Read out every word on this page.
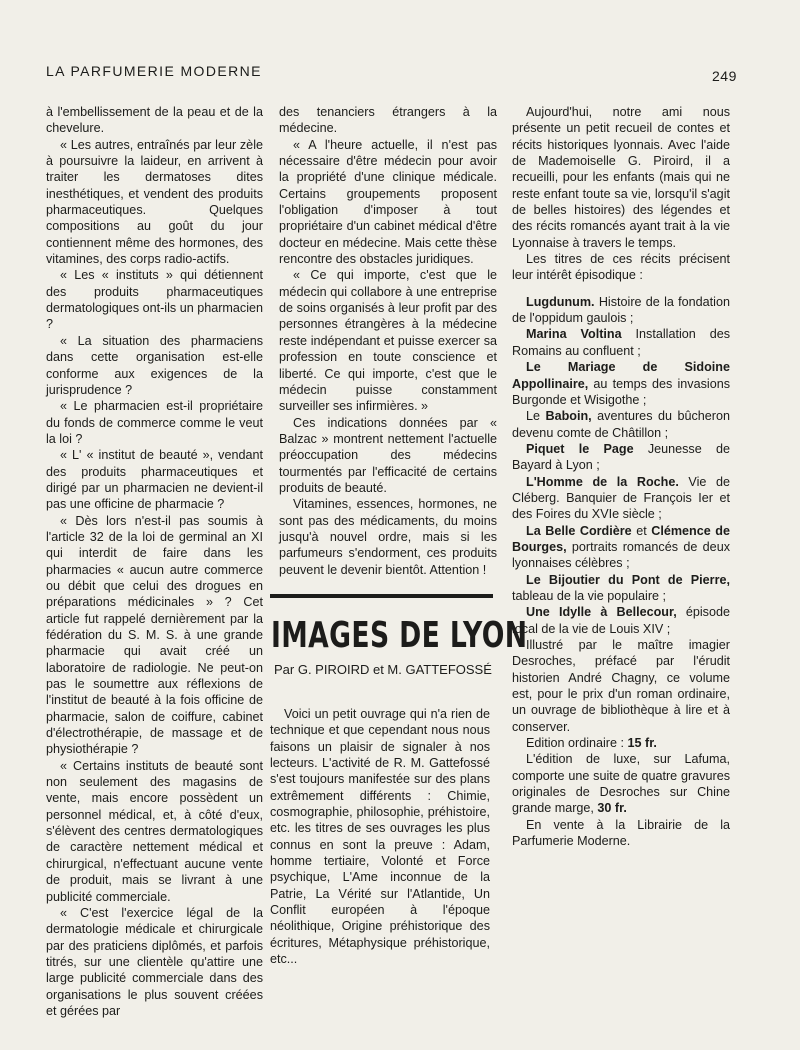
LA PARFUMERIE MODERNE	249

à l'embellissement de la peau et de la chevelure.

« Les autres, entraînés par leur zèle à poursuivre la laideur, en arrivent à traiter les dermatoses dites inesthétiques, et vendent des produits pharmaceutiques. Quelques compositions au goût du jour contiennent même des hormones, des vitamines, des corps radio-actifs.

« Les « instituts » qui détiennent des produits pharmaceutiques dermatologiques ont-ils un pharmacien ?

« La situation des pharmaciens dans cette organisation est-elle conforme aux exigences de la jurisprudence ?

« Le pharmacien est-il propriétaire du fonds de commerce comme le veut la loi ?

« L' « institut de beauté », vendant des produits pharmaceutiques et dirigé par un pharmacien ne devient-il pas une officine de pharmacie ?

« Dès lors n'est-il pas soumis à l'article 32 de la loi de germinal an XI qui interdit de faire dans les pharmacies « aucun autre commerce ou débit que celui des drogues en préparations médicinales » ? Cet article fut rappelé dernièrement par la fédération du S. M. S. à une grande pharmacie qui avait créé un laboratoire de radiologie. Ne peut-on pas le soumettre aux réflexions de l'institut de beauté à la fois officine de pharmacie, salon de coiffure, cabinet d'électrothérapie, de massage et de physiothérapie ?

« Certains instituts de beauté sont non seulement des magasins de vente, mais encore possèdent un personnel médical, et, à côté d'eux, s'élèvent des centres dermatologiques de caractère nettement médical et chirurgical, n'effectuant aucune vente de produit, mais se livrant à une publicité commerciale.

« C'est l'exercice légal de la dermatologie médicale et chirurgicale par des praticiens diplômés, et parfois titrés, sur une clientèle qu'attire une large publicité commerciale dans des organisations le plus souvent créées et gérées par

des tenanciers étrangers à la médecine.

« A l'heure actuelle, il n'est pas nécessaire d'être médecin pour avoir la propriété d'une clinique médicale. Certains groupements proposent l'obligation d'imposer à tout propriétaire d'un cabinet médical d'être docteur en médecine. Mais cette thèse rencontre des obstacles juridiques.

« Ce qui importe, c'est que le médecin qui collabore à une entreprise de soins organisés à leur profit par des personnes étrangères à la médecine reste indépendant et puisse exercer sa profession en toute conscience et liberté. Ce qui importe, c'est que le médecin puisse constamment surveiller ses infirmières. »

Ces indications données par « Balzac » montrent nettement l'actuelle préoccupation des médecins tourmentés par l'efficacité de certains produits de beauté.

Vitamines, essences, hormones, ne sont pas des médicaments, du moins jusqu'à nouvel ordre, mais si les parfumeurs s'endorment, ces produits peuvent le devenir bientôt. Attention !

IMAGES DE LYON
Par G. PIROIRD et M. GATTEFOSSÉ

Voici un petit ouvrage qui n'a rien de technique et que cependant nous nous faisons un plaisir de signaler à nos lecteurs. L'activité de R. M. Gattefossé s'est toujours manifestée sur des plans extrêmement différents : Chimie, cosmographie, philosophie, préhistoire, etc. les titres de ses ouvrages les plus connus en sont la preuve : Adam, homme tertiaire, Volonté et Force psychique, L'Ame inconnue de la Patrie, La Vérité sur l'Atlantide, Un Conflit européen à l'époque néolithique, Origine préhistorique des écritures, Métaphysique préhistorique, etc...

Aujourd'hui, notre ami nous présente un petit recueil de contes et récits historiques lyonnais. Avec l'aide de Mademoiselle G. Piroird, il a recueilli, pour les enfants (mais qui ne reste enfant toute sa vie, lorsqu'il s'agit de belles histoires) des légendes et des récits romancés ayant trait à la vie Lyonnaise à travers le temps.

Les titres de ces récits précisent leur intérêt épisodique :

Lugdunum. Histoire de la fondation de l'oppidum gaulois ;

Marina Voltina Installation des Romains au confluent ;

Le Mariage de Sidoine Appollinaire, au temps des invasions Burgonde et Wisigothe ;

Le Baboin, aventures du bûcheron devenu comte de Châtillon ;

Piquet le Page Jeunesse de Bayard à Lyon ;

L'Homme de la Roche. Vie de Cléberg. Banquier de François Ier et des Foires du XVIe siècle ;

La Belle Cordière et Clémence de Bourges, portraits romancés de deux lyonnaises célèbres ;

Le Bijoutier du Pont de Pierre, tableau de la vie populaire ;

Une Idylle à Bellecour, épisode local de la vie de Louis XIV ;

Illustré par le maître imagier Desroches, préfacé par l'érudit historien André Chagny, ce volume est, pour le prix d'un roman ordinaire, un ouvrage de bibliothèque à lire et à conserver.

Edition ordinaire : 15 fr.

L'édition de luxe, sur Lafuma, comporte une suite de quatre gravures originales de Desroches sur Chine grande marge, 30 fr.

En vente à la Librairie de la Parfumerie Moderne.
